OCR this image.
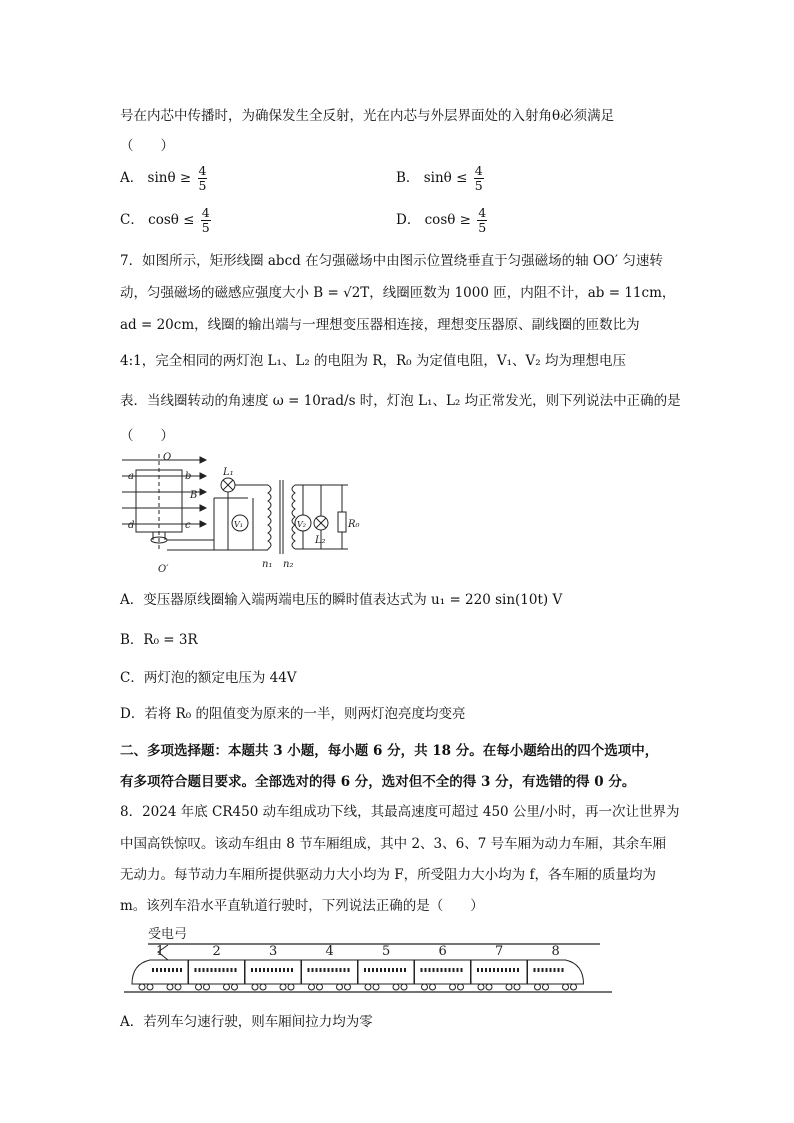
号在内芯中传播时，为确保发生全反射，光在内芯与外层界面处的入射角θ必须满足
（　　）
A． $\sin\theta \ge \frac{4}{5}$	B． $\sin\theta \le \frac{4}{5}$
C． $\cos\theta \le \frac{4}{5}$	D． $\cos\theta \ge \frac{4}{5}$
7．如图所示，矩形线圈 abcd 在匀强磁场中由图示位置绕垂直于匀强磁场的轴 OO′ 匀速转
动，匀强磁场的磁感应强度大小 B = √2T，线圈匝数为 1000 匝，内阻不计，ab = 11cm，
ad = 20cm，线圈的输出端与一理想变压器相连接，理想变压器原、副线圈的匝数比为
4:1，完全相同的两灯泡 L₁、L₂ 的电阻为 R，R₀ 为定值电阻，V₁、V₂ 均为理想电压
表．当线圈转动的角速度 ω = 10rad/s 时，灯泡 L₁、L₂ 均正常发光，则下列说法中正确的是
（　　）
O
O′
a	b
c
d
B
L₁
L₂
V₁	V₂
n₁ n₂
R₀
A．变压器原线圈输入端两端电压的瞬时值表达式为 u₁ = 220 sin(10t) V
B．R₀ = 3R
C．两灯泡的额定电压为 44V
D．若将 R₀ 的阻值变为原来的一半，则两灯泡亮度均变亮
二、多项选择题：本题共 3 小题，每小题 6 分，共 18 分。在每小题给出的四个选项中，
有多项符合题目要求。全部选对的得 6 分，选对但不全的得 3 分，有选错的得 0 分。
8．2024 年底 CR450 动车组成功下线，其最高速度可超过 450 公里/小时，再一次让世界为
中国高铁惊叹。该动车组由 8 节车厢组成，其中 2、3、6、7 号车厢为动力车厢，其余车厢
无动力。每节动力车厢所提供驱动力大小均为 F，所受阻力大小均为 f，各车厢的质量均为
m。该列车沿水平直轨道行驶时，下列说法正确的是（　　）
受电弓
1	2	3	4	5	6	7	8
A．若列车匀速行驶，则车厢间拉力均为零
